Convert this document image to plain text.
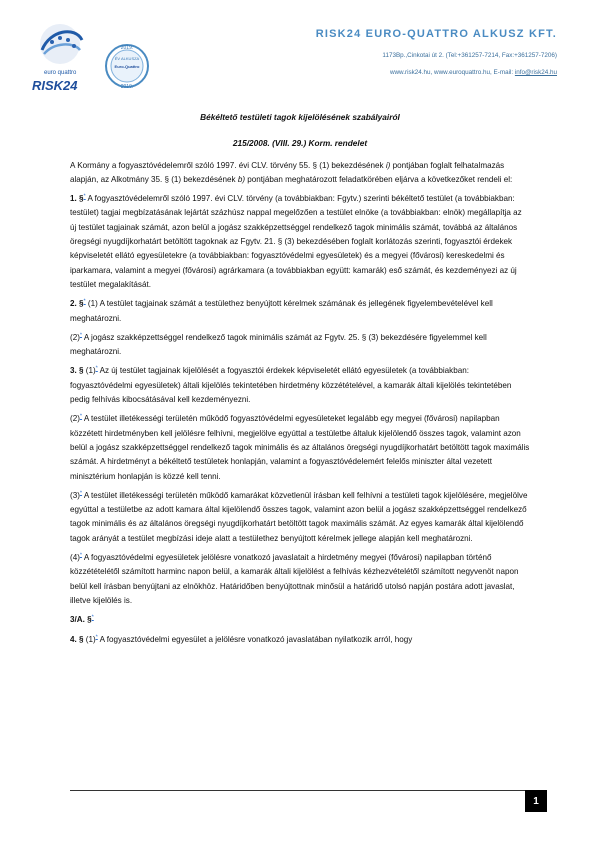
euro quattro
RISK24
2019.
ÉV ALKUSZA
Euro-Quattro
2019.
RISK24 EURO-QUATTRO ALKUSZ KFT.
1173Bp.,Cinkotai út 2. (Tel:+361257-7214, Fax:+361257-7206)
www.risk24.hu, www.euroquattro.hu, E-mail: info@risk24.hu

Békéltető testületi tagok kijelölésének szabályairól

215/2008. (VIII. 29.) Korm. rendelet

A Kormány a fogyasztóvédelemről szóló 1997. évi CLV. törvény 55. § (1) bekezdésének i) pontjában foglalt felhatalmazás alapján, az Alkotmány 35. § (1) bekezdésének b) pontjában meghatározott feladatkörében eljárva a következőket rendeli el:

1. §* A fogyasztóvédelemről szóló 1997. évi CLV. törvény (a továbbiakban: Fgytv.) szerinti békéltető testület (a továbbiakban: testület) tagjai megbízatásának lejártát százhúsz nappal megelőzően a testület elnöke (a továbbiakban: elnök) megállapítja az új testület tagjainak számát, azon belül a jogász szakképzettséggel rendelkező tagok minimális számát, továbbá az általános öregségi nyugdíjkorhatárt betöltött tagoknak az Fgytv. 21. § (3) bekezdésében foglalt korlátozás szerinti, fogyasztói érdekek képviseletét ellátó egyesületekre (a továbbiakban: fogyasztóvédelmi egyesületek) és a megyei (fővárosi) kereskedelmi és iparkamara, valamint a megyei (fővárosi) agrárkamara (a továbbiakban együtt: kamarák) eső számát, és kezdeményezi az új testület megalakítását.

2. §* (1) A testület tagjainak számát a testülethez benyújtott kérelmek számának és jellegének figyelembevételével kell meghatározni.

(2)* A jogász szakképzettséggel rendelkező tagok minimális számát az Fgytv. 25. § (3) bekezdésére figyelemmel kell meghatározni.

3. § (1)* Az új testület tagjainak kijelölését a fogyasztói érdekek képviseletét ellátó egyesületek (a továbbiakban: fogyasztóvédelmi egyesületek) általi kijelölés tekintetében hirdetmény közzétételével, a kamarák általi kijelölés tekintetében pedig felhívás kibocsátásával kell kezdeményezni.

(2)* A testület illetékességi területén működő fogyasztóvédelmi egyesületeket legalább egy megyei (fővárosi) napilapban közzétett hirdetményben kell jelölésre felhívni, megjelölve egyúttal a testületbe általuk kijelölendő összes tagok, valamint azon belül a jogász szakképzettséggel rendelkező tagok minimális és az általános öregségi nyugdíjkorhatárt betöltött tagok maximális számát. A hirdetményt a békéltető testületek honlapján, valamint a fogyasztóvédelemért felelős miniszter által vezetett minisztérium honlapján is közzé kell tenni.

(3)* A testület illetékességi területén működő kamarákat közvetlenül írásban kell felhívni a testületi tagok kijelölésére, megjelölve egyúttal a testületbe az adott kamara által kijelölendő összes tagok, valamint azon belül a jogász szakképzettséggel rendelkező tagok minimális és az általános öregségi nyugdíjkorhatárt betöltött tagok maximális számát. Az egyes kamarák által kijelölendő tagok arányát a testület megbízási ideje alatt a testülethez benyújtott kérelmek jellege alapján kell meghatározni.

(4)* A fogyasztóvédelmi egyesületek jelölésre vonatkozó javaslatait a hirdetmény megyei (fővárosi) napilapban történő közzétételétől számított harminc napon belül, a kamarák általi kijelölést a felhívás kézhezvételétől számított negyvenöt napon belül kell írásban benyújtani az elnökhöz. Határidőben benyújtottnak minősül a határidő utolsó napján postára adott javaslat, illetve kijelölés is.

3/A. §*

4. § (1)* A fogyasztóvédelmi egyesület a jelölésre vonatkozó javaslatában nyilatkozik arról, hogy

1
